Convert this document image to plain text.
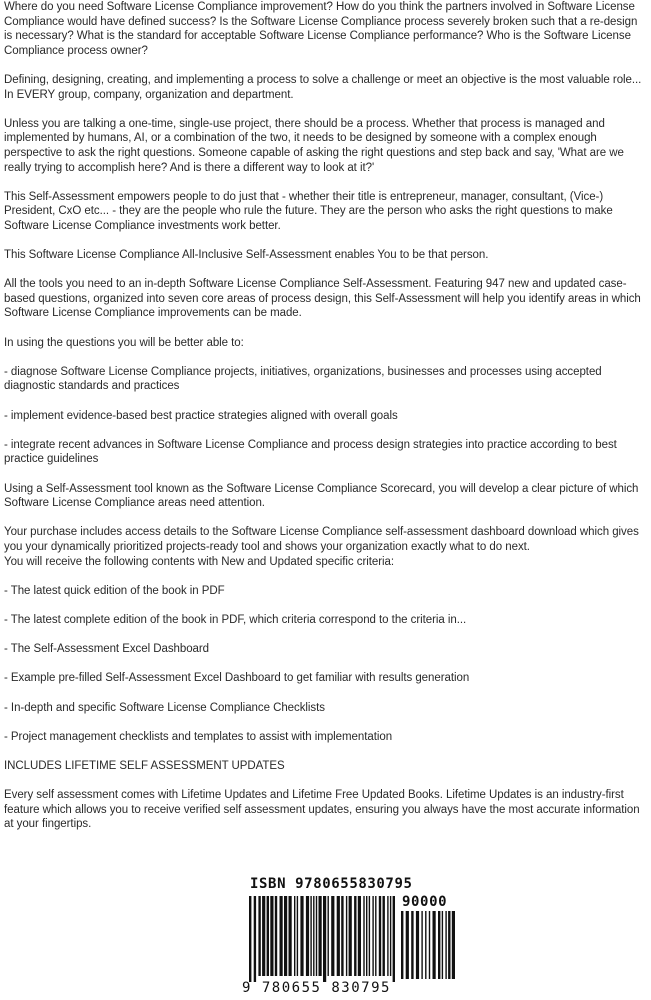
Where do you need Software License Compliance improvement? How do you think the partners involved in Software License Compliance would have defined success? Is the Software License Compliance process severely broken such that a re-design is necessary? What is the standard for acceptable Software License Compliance performance? Who is the Software License Compliance process owner?

Defining, designing, creating, and implementing a process to solve a challenge or meet an objective is the most valuable role... In EVERY group, company, organization and department.

Unless you are talking a one-time, single-use project, there should be a process. Whether that process is managed and implemented by humans, AI, or a combination of the two, it needs to be designed by someone with a complex enough perspective to ask the right questions. Someone capable of asking the right questions and step back and say, 'What are we really trying to accomplish here? And is there a different way to look at it?'

This Self-Assessment empowers people to do just that - whether their title is entrepreneur, manager, consultant, (Vice-) President, CxO etc... - they are the people who rule the future. They are the person who asks the right questions to make Software License Compliance investments work better.

This Software License Compliance All-Inclusive Self-Assessment enables You to be that person.

All the tools you need to an in-depth Software License Compliance Self-Assessment. Featuring 947 new and updated case-based questions, organized into seven core areas of process design, this Self-Assessment will help you identify areas in which Software License Compliance improvements can be made.

In using the questions you will be better able to:

- diagnose Software License Compliance projects, initiatives, organizations, businesses and processes using accepted diagnostic standards and practices

- implement evidence-based best practice strategies aligned with overall goals

- integrate recent advances in Software License Compliance and process design strategies into practice according to best practice guidelines

Using a Self-Assessment tool known as the Software License Compliance Scorecard, you will develop a clear picture of which Software License Compliance areas need attention.

Your purchase includes access details to the Software License Compliance self-assessment dashboard download which gives you your dynamically prioritized projects-ready tool and shows your organization exactly what to do next.

You will receive the following contents with New and Updated specific criteria:

- The latest quick edition of the book in PDF

- The latest complete edition of the book in PDF, which criteria correspond to the criteria in...

- The Self-Assessment Excel Dashboard

- Example pre-filled Self-Assessment Excel Dashboard to get familiar with results generation

- In-depth and specific Software License Compliance Checklists

- Project management checklists and templates to assist with implementation

INCLUDES LIFETIME SELF ASSESSMENT UPDATES

Every self assessment comes with Lifetime Updates and Lifetime Free Updated Books. Lifetime Updates is an industry-first feature which allows you to receive verified self assessment updates, ensuring you always have the most accurate information at your fingertips.

ISBN 9780655830795
90000
9 780655 830795
